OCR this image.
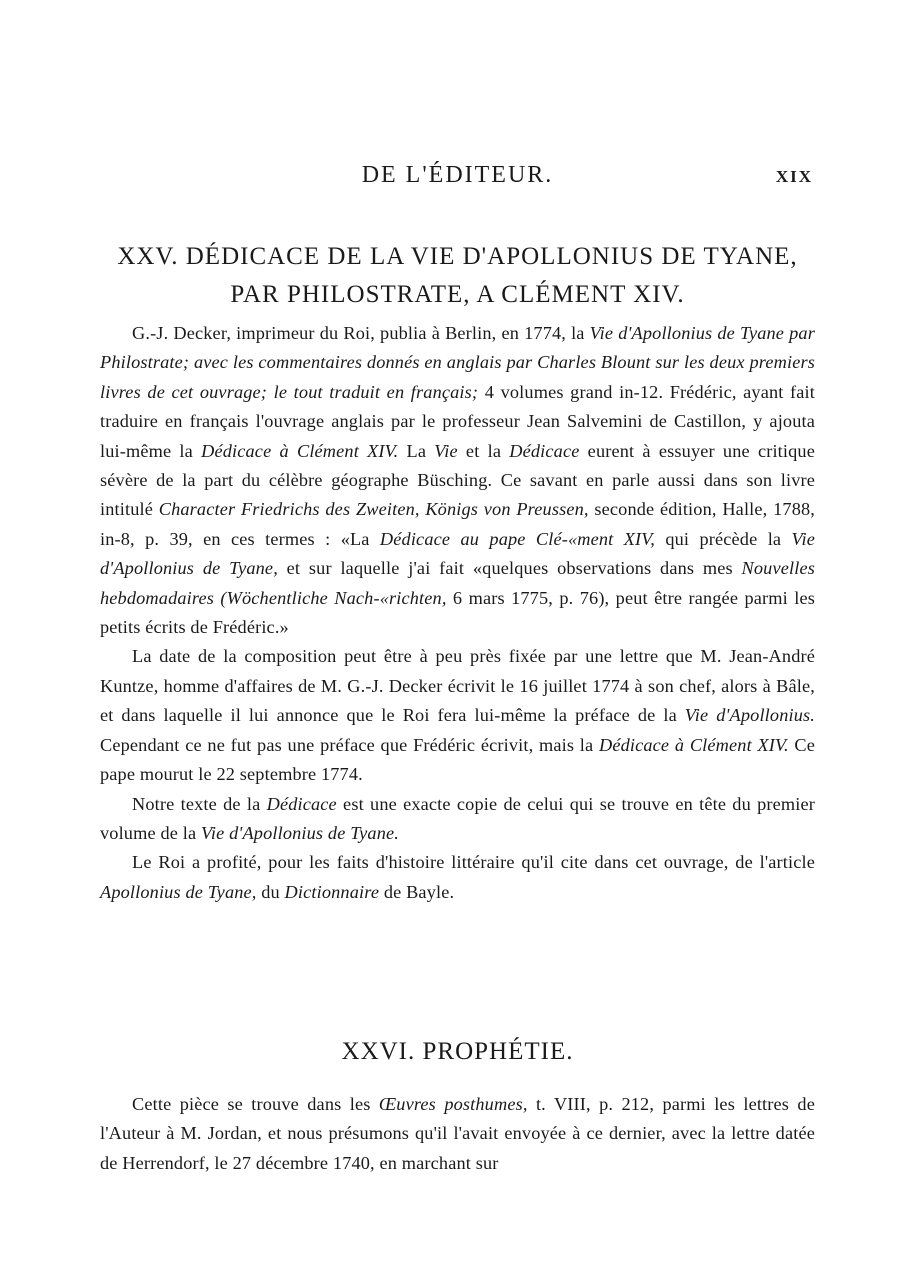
DE L'ÉDITEUR.	XIX
XXV. DÉDICACE DE LA VIE D'APOLLONIUS DE TYANE,
PAR PHILOSTRATE, A CLÉMENT XIV.

G.-J. Decker, imprimeur du Roi, publia à Berlin, en 1774, la Vie d'Apollonius de Tyane par Philostrate; avec les commentaires donnés en anglais par Charles Blount sur les deux premiers livres de cet ouvrage; le tout traduit en français; 4 volumes grand in-12. Frédéric, ayant fait traduire en français l'ouvrage anglais par le professeur Jean Salvemini de Castillon, y ajouta lui-même la Dédicace à Clément XIV. La Vie et la Dédicace eurent à essuyer une critique sévère de la part du célèbre géographe Büsching. Ce savant en parle aussi dans son livre intitulé Character Friedrichs des Zweiten, Königs von Preussen, seconde édition, Halle, 1788, in-8, p. 39, en ces termes : «La Dédicace au pape Clé-«ment XIV, qui précède la Vie d'Apollonius de Tyane, et sur laquelle j'ai fait «quelques observations dans mes Nouvelles hebdomadaires (Wöchentliche Nach-«richten, 6 mars 1775, p. 76), peut être rangée parmi les petits écrits de Frédéric.»

La date de la composition peut être à peu près fixée par une lettre que M. Jean-André Kuntze, homme d'affaires de M. G.-J. Decker écrivit le 16 juillet 1774 à son chef, alors à Bâle, et dans laquelle il lui annonce que le Roi fera lui-même la préface de la Vie d'Apollonius. Cependant ce ne fut pas une préface que Frédéric écrivit, mais la Dédicace à Clément XIV. Ce pape mourut le 22 septembre 1774.

Notre texte de la Dédicace est une exacte copie de celui qui se trouve en tête du premier volume de la Vie d'Apollonius de Tyane.

Le Roi a profité, pour les faits d'histoire littéraire qu'il cite dans cet ouvrage, de l'article Apollonius de Tyane, du Dictionnaire de Bayle.

XXVI. PROPHÉTIE.

Cette pièce se trouve dans les Œuvres posthumes, t. VIII, p. 212, parmi les lettres de l'Auteur à M. Jordan, et nous présumons qu'il l'avait envoyée à ce dernier, avec la lettre datée de Herrendorf, le 27 décembre 1740, en marchant sur
